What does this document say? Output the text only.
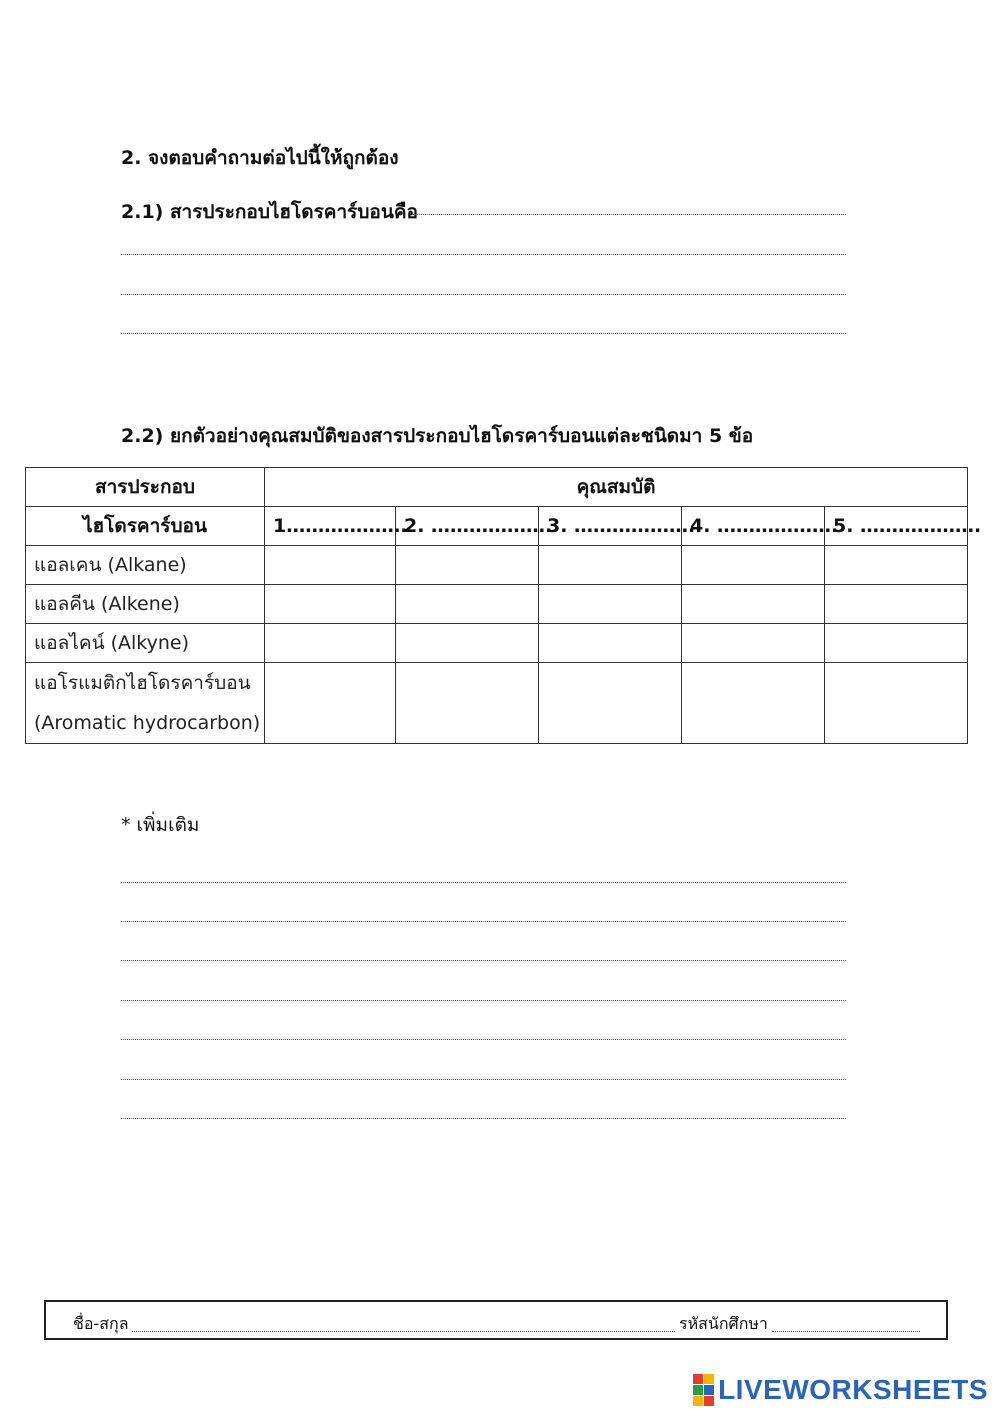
2. จงตอบคำถามต่อไปนี้ให้ถูกต้อง
2.1) สารประกอบไฮโดรคาร์บอนคือ
2.2) ยกตัวอย่างคุณสมบัติของสารประกอบไฮโดรคาร์บอนแต่ละชนิดมา 5 ข้อ
สารประกอบ	คุณสมบัติ				
ไฮโดรคาร์บอน	1……………….	2. ……………….	3. ……………….	4. ……………….	5. ……………….
แอลเคน (Alkane)					
แอลคีน (Alkene)					
แอลไคน์ (Alkyne)					

แอโรแมติกไฮโดรคาร์บอน
(Aromatic hydrocarbon)					

* เพิ่มเติม
ชื่อ-สกุล	รหัสนักศึกษา
LIVEWORKSHEETS
